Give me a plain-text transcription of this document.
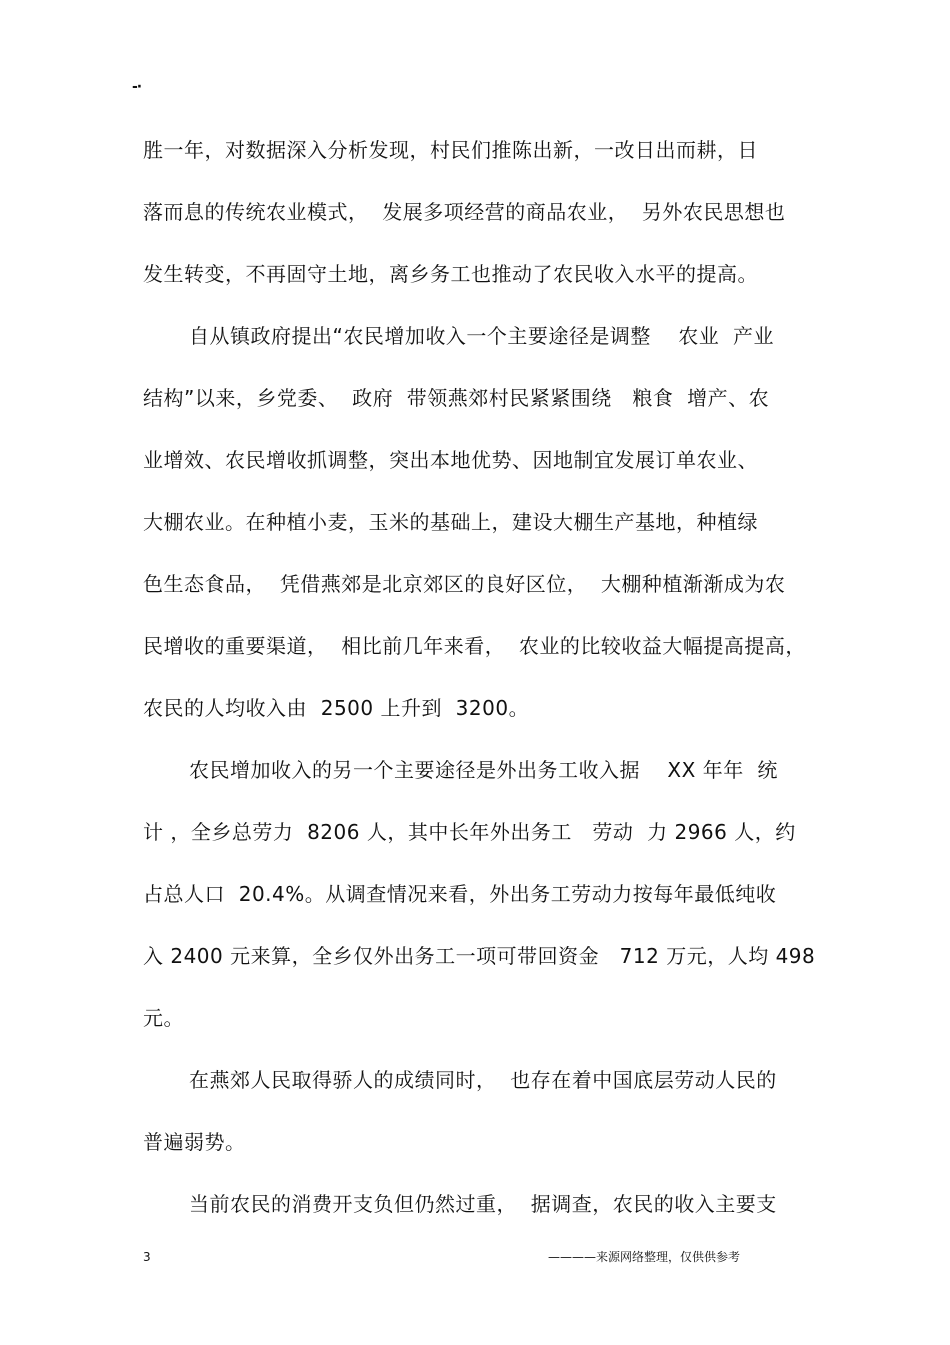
-·
胜一年，对数据深入分析发现，村民们推陈出新，一改日出而耕，日
落而息的传统农业模式，  发展多项经营的商品农业，  另外农民思想也
发生转变，不再固守土地，离乡务工也推动了农民收入水平的提高。
自从镇政府提出“农民增加收入一个主要途径是调整    农业  产业
结构”以来，乡党委、  政府  带领燕郊村民紧紧围绕   粮食  增产、农
业增效、农民增收抓调整，突出本地优势、因地制宜发展订单农业、
大棚农业。在种植小麦，玉米的基础上，建设大棚生产基地，种植绿
色生态食品，  凭借燕郊是北京郊区的良好区位，  大棚种植渐渐成为农
民增收的重要渠道，  相比前几年来看，  农业的比较收益大幅提高提高，
农民的人均收入由  2500 上升到  3200。
农民增加收入的另一个主要途径是外出务工收入据    XX 年年  统
计 ，全乡总劳力  8206 人，其中长年外出务工   劳动  力 2966 人，约
占总人口  20.4%。从调查情况来看，外出务工劳动力按每年最低纯收
入 2400 元来算，全乡仅外出务工一项可带回资金   712 万元，人均 498
元。
在燕郊人民取得骄人的成绩同时，  也存在着中国底层劳动人民的
普遍弱势。
当前农民的消费开支负但仍然过重，  据调查，农民的收入主要支
3	————来源网络整理，仅供供参考
